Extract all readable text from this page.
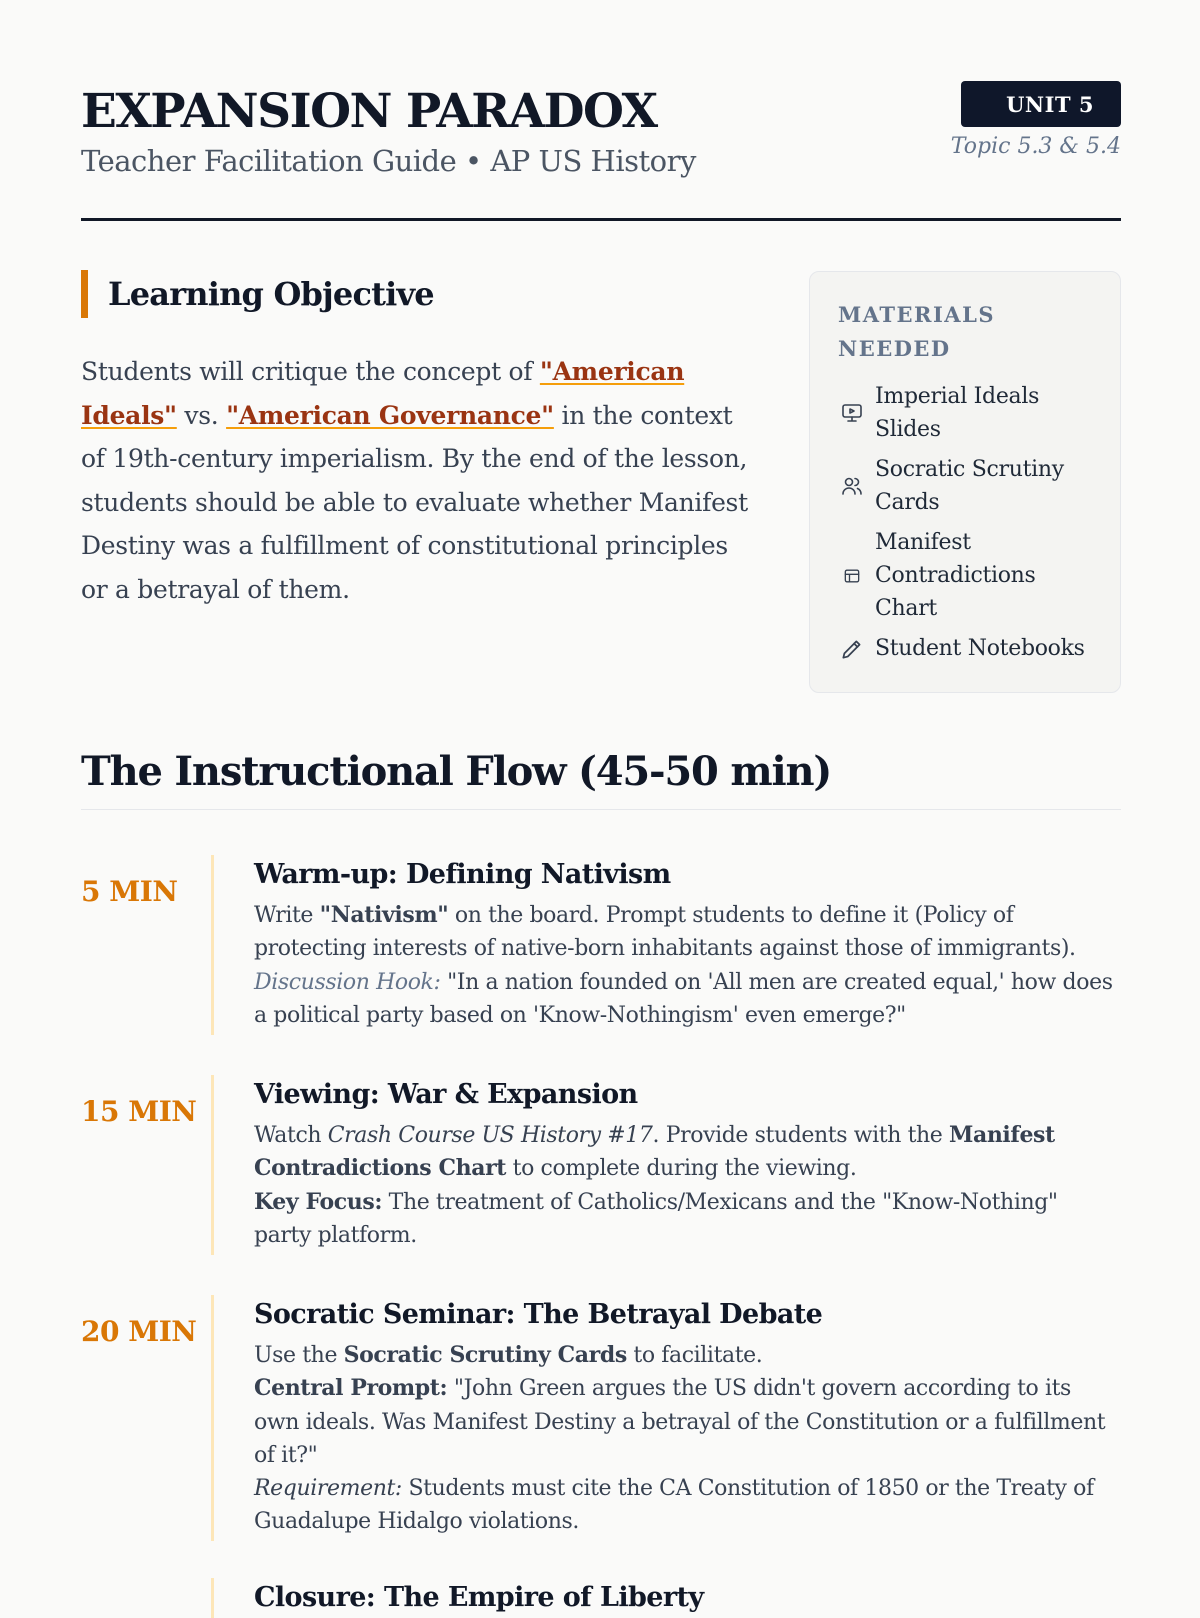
EXPANSION PARADOX
Teacher Facilitation Guide • AP US History
UNIT 5
Topic 5.3 & 5.4
Learning Objective

Students will critique the concept of "American Ideals" vs. "American Governance" in the context of 19th-century imperialism. By the end of the lesson, students should be able to evaluate whether Manifest Destiny was a fulfillment of constitutional principles or a betrayal of them.

MATERIALS NEEDED
Imperial Ideals Slides
Socratic Scrutiny Cards
Manifest Contradictions Chart
Student Notebooks
The Instructional Flow (45-50 min)
5 MIN
Warm-up: Defining Nativism

Write "Nativism" on the board. Prompt students to define it (Policy of protecting interests of native-born inhabitants against those of immigrants).
Discussion Hook: "In a nation founded on 'All men are created equal,' how does a political party based on 'Know-Nothingism' even emerge?"

15 MIN
Viewing: War & Expansion

Watch Crash Course US History #17. Provide students with the Manifest Contradictions Chart to complete during the viewing.
Key Focus: The treatment of Catholics/Mexicans and the "Know-Nothing" party platform.

20 MIN
Socratic Seminar: The Betrayal Debate

Use the Socratic Scrutiny Cards to facilitate.
Central Prompt: "John Green argues the US didn't govern according to its own ideals. Was Manifest Destiny a betrayal of the Constitution or a fulfillment of it?"
Requirement: Students must cite the CA Constitution of 1850 or the Treaty of Guadalupe Hidalgo violations.

Closure: The Empire of Liberty
